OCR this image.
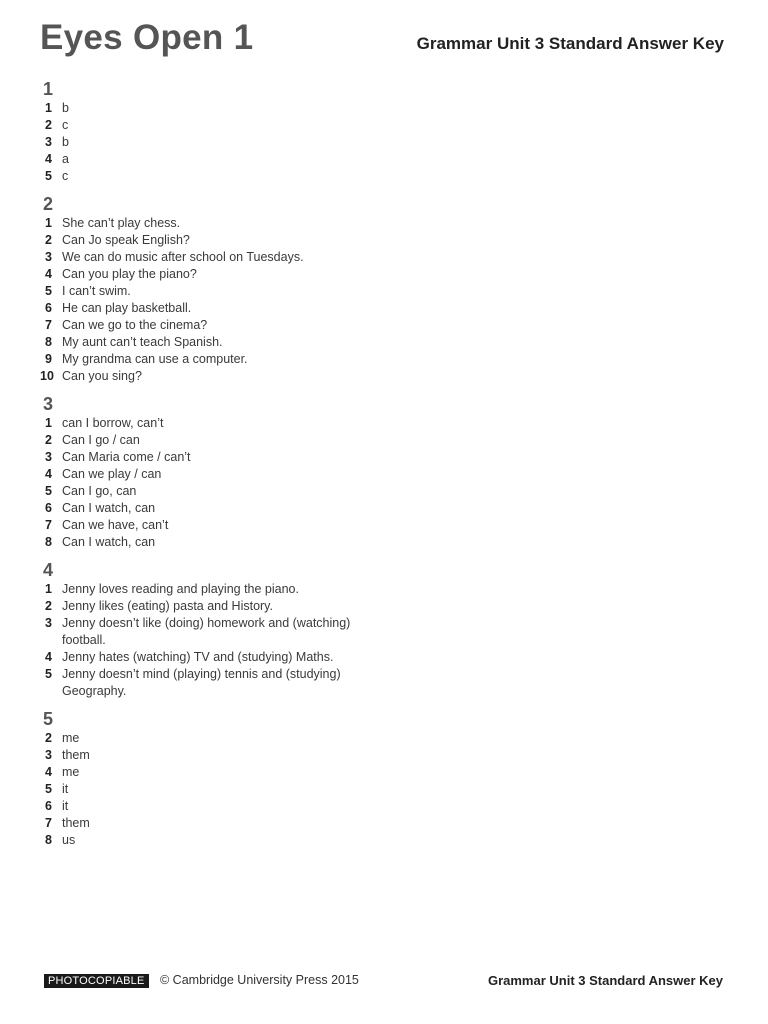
Eyes Open 1	Grammar Unit 3 Standard Answer Key
1
1 b
2 c
3 b
4 a
5 c
2
1 She can’t play chess.
2 Can Jo speak English?
3 We can do music after school on Tuesdays.
4 Can you play the piano?
5 I can’t swim.
6 He can play basketball.
7 Can we go to the cinema?
8 My aunt can’t teach Spanish.
9 My grandma can use a computer.
10 Can you sing?
3
1 can I borrow, can’t
2 Can I go / can
3 Can Maria come / can’t
4 Can we play / can
5 Can I go, can
6 Can I watch, can
7 Can we have, can’t
8 Can I watch, can
4
1 Jenny loves reading and playing the piano.
2 Jenny likes (eating) pasta and History.
3 Jenny doesn’t like (doing) homework and (watching) football.
4 Jenny hates (watching) TV and (studying) Maths.
5 Jenny doesn’t mind (playing) tennis and (studying) Geography.
5
2 me
3 them
4 me
5 it
6 it
7 them
8 us
PHOTOCOPIABLE	© Cambridge University Press 2015	Grammar Unit 3 Standard Answer Key
